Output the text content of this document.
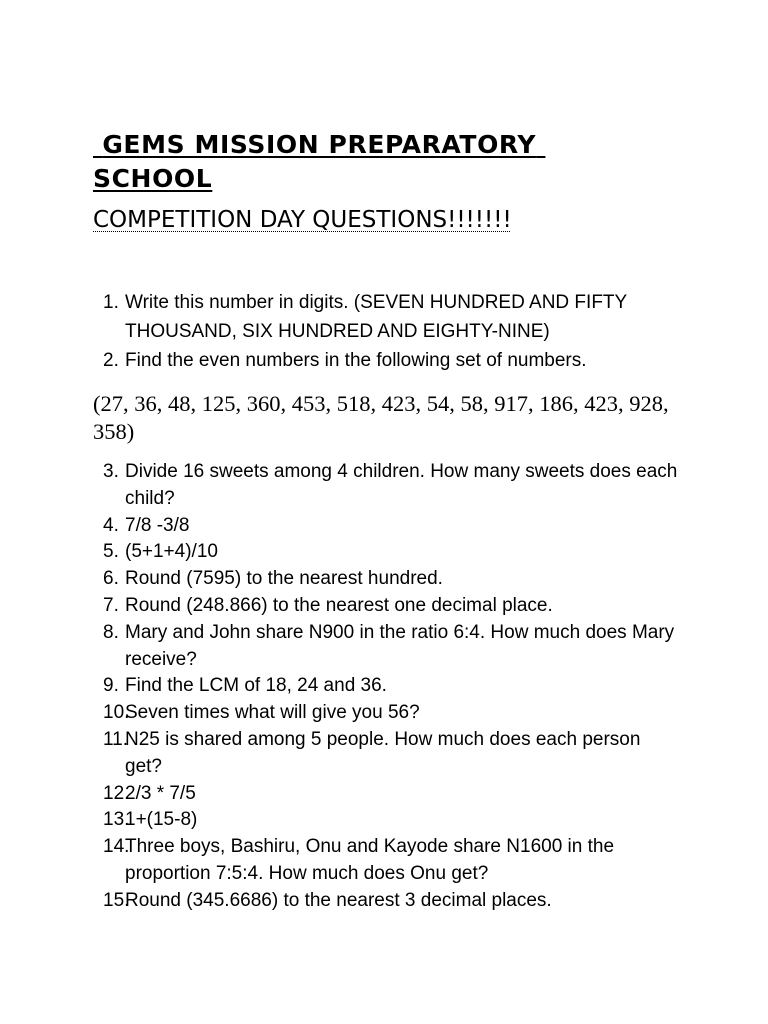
GEMS MISSION PREPARATORY SCHOOL

COMPETITION DAY QUESTIONS!!!!!!!

1. Write this number in digits. (SEVEN HUNDRED AND FIFTY THOUSAND, SIX HUNDRED AND EIGHTY-NINE)
2. Find the even numbers in the following set of numbers.

(27, 36, 48, 125, 360, 453, 518, 423, 54, 58, 917, 186, 423, 928, 358)

3. Divide 16 sweets among 4 children. How many sweets does each child?
4. 7/8 -3/8
5. (5+1+4)/10
6. Round (7595) to the nearest hundred.
7. Round (248.866) to the nearest one decimal place.
8. Mary and John share N900 in the ratio 6:4. How much does Mary receive?
9. Find the LCM of 18, 24 and 36.
10.
Seven times what will give you 56?
11.
N25 is shared among 5 people. How much does each person get?
12.
2/3 * 7/5
13.
1+(15-8)
14.
Three boys, Bashiru, Onu and Kayode share N1600 in the proportion 7:5:4. How much does Onu get?
15.
Round (345.6686) to the nearest 3 decimal places.
